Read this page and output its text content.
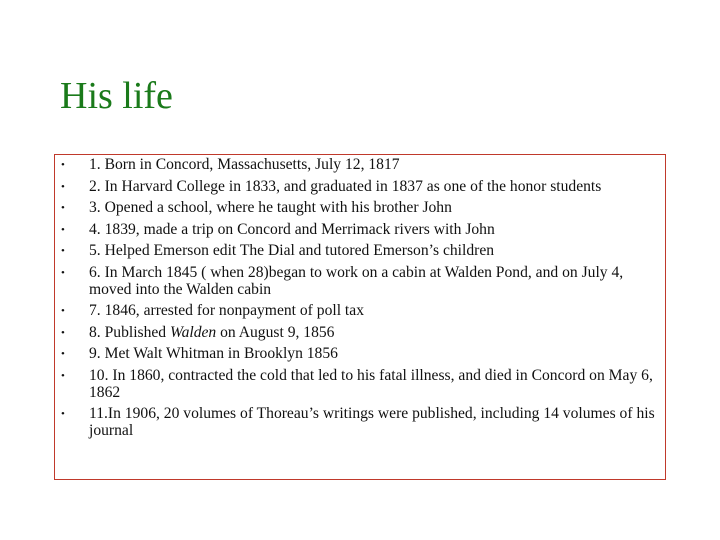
His life
• 1. Born in Concord, Massachusetts, July 12, 1817
• 2. In Harvard College in 1833, and graduated in 1837 as one of the honor students
• 3. Opened a school, where he taught with his brother John
• 4. 1839, made a trip on Concord and Merrimack rivers with John
• 5. Helped Emerson edit The Dial and tutored Emerson’s children
• 6. In March 1845 ( when 28)began to work on a cabin at Walden Pond, and on July 4, moved into the Walden cabin
• 7. 1846, arrested for nonpayment of poll tax
• 8. Published Walden on August 9, 1856
• 9. Met Walt Whitman in Brooklyn 1856
• 10. In 1860, contracted the cold that led to his fatal illness, and died in Concord on May 6, 1862
• 11.In 1906, 20 volumes of Thoreau’s writings were published, including 14 volumes of his journal
